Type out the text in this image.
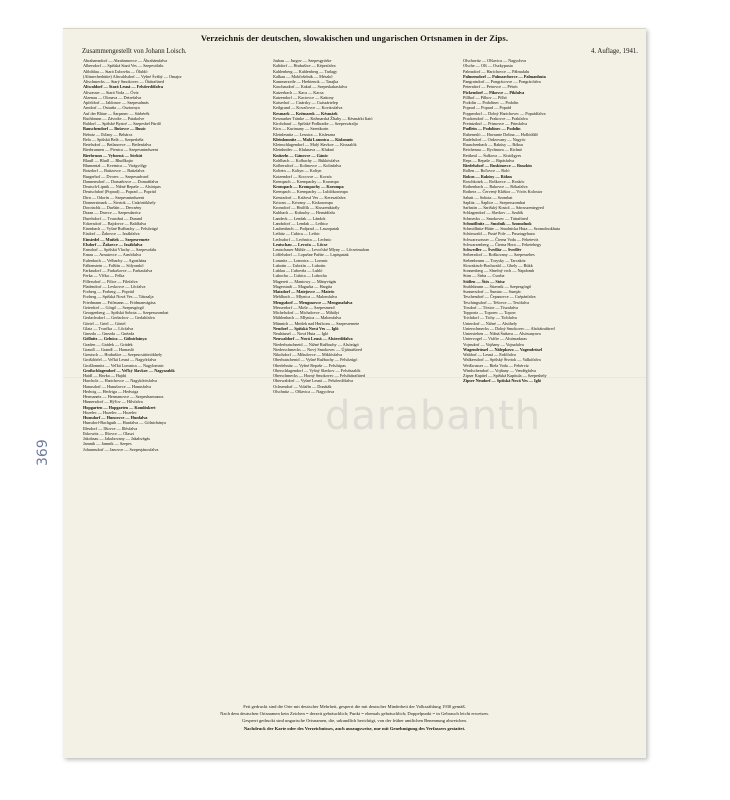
Verzeichnis der deutschen, slowakischen und ungarischen Ortsnamen in der Zips.
Zusammengestellt von Johann Loisch.	4. Auflage, 1941.
Abrahamsdorf — Abrahamovce — Ábrahámfalva
Albersdorf — Spišská Stará Ves — Szepesófalu
Altbiblau — Stará Ľubovňa — Ólubló
(Altmecherhütte) Altwaldsdorf — Vyšné Švábý — Omajor
Altschmecks — Starý Smokovec — Ótátrafüred
Altwaldorf — Stará Lesná — Felsőerdőfalva
Altwasser — Stará Voda — Óvíz
Alzenau — Olcnava — Detrefalva
Apfeldorf — Jablonov — Szepesalmás
Arndorf — Osturňa — Osztornya
Auf der Bläue — Šarpanec — Sárbérék
Bachbrunn — Závodie — Patakolve
Baldorf — Spišské Bystré — Szepesbel Fürdő
Bauschendorf — Bušovce — Busóc
Bebotz — Ihľany — Behárcz
Bela — Spišská Belá — Szepesbéla
Betelsdorf — Betlanovce — Betlenfalva
Bierbrunnen — Pivnica — Szepesmindszent
Bierbrunn — Vyborná — Sörkút
Blaufl — Bludl — Bludlkajto
Blumental — Kvetnica — Virágvölgy
Botzdorf — Batizovce — Batizfalva
Burgerhof — Dvorec — Szepesudvard
Dannensdorf — Domaňovce — Domaňfalva
Deutsch-Lipnik — Nižné Repaše — Alsóripas
Deutschdorf (Poprad) — Poprad — Poprád
Dirn — Odorín — Szepesmindszent
Donnerstmark — Štvrtok — Csütörtökhely
Dorotschk — Durštín — Dercsény
Draan — Dravce — Szepesdarócz
Durelsdorf — Tvarožná — Durand
Eckersdorf — Bajdovce — Baldfalva
Eisenbach — Vyšné Ružbachy — Felsőzúgó
Eisdorf — Žakovce — Izsákfalva
Einsiedel — Mníšek — Szepesremete
Elsdorf — Žakovce — Izsákfalva
Ernsdorf — Spišská Vlachy — Szepesofalu
Ernau — Arnutovce — Arnótfalva
Eulenbach — Velbachy — Agostháza
Falkenstein — Falštín — Sólyomkő
Farkasdorf — Farkašovce — Farkasfalva
Ferka — Vlčka — Felka
Fillersdorf — Filice — Filefalva
Fladendorf — Levkovce — Lőcfalva
Forberg — Forberg — Poprád
Forberg — Spišská Nová Ves — Tátraalja
Friedmann — Fričmann — Frídmanvágása
Geierdorf — Görgő — Szepesgörgő
Georgenberg — Spišská Sobota — Szepesszombat
Gerlachsdorf — Gerlachov — Gerlahfalva
Görtel — Grtel — Görtel
Glatz — Tvarčka — Lőcfalva
Gnezda — Gnezda — Gnézda
Göllnitz — Gelnica — Gölnicbánya
Graden — Grádek — Grádek
Graudl — Grandl — Harnaslö
Greutsch — Hrabušice — Szepescsütörtökhely
Großdörfel — Veľká Lesná — Nagyőrfalva
Großlomnitz — Veľká Lomnica — Nagylomnic
Großschlagendorf — Veľký Slavkov — Nagyszalók
Haidl — Havka — Hajdú
Harcholz — Harichovce — Nagykőrösfalva
Hanusdorf — Hanušovce — Hanusfalva
Hedwig — Hedviga — Hedwiga
Hermanetz — Hermanovce — Szepesharmanos
Hinnersdorf — Hýľov — Hilvfalva
Hopgarten — Hopgarten — Komlóskert
Hozelec — Hozelec — Hozelec
Hunsdorf — Huncovce — Hunfalva
Hunsdorf-Bachguth — Hunfalva — Gölnicbánya
Illesdorf — Ilšovce — Illésfalva
Ilskowitz — Ilšovce — Olaszi
Jakobsau — Jakubovany — Jakabvágás
Jamnik — Jamnik — Szepes
Johannsdorf — Janovce — Szepesjánosfalva
Jurkau — Jurgov — Szepesgyörke
Kaltdorf — Hrabušice — Képesfalva
Kahlenberg — Kahlenberg — Tarlagy
Kalkau — Mokřošelnik — Mészkő
Kammerzeile — Hrebienok — Tarajka
Kaschaudorf — Kakaš — Szepeskakasfalva
Katzerbach — Kaca — Kacsa
Katzendorf — Kaciovce — Kattony
Kaiserhof — Cisársky — Császártelep
Keilgrund — Kovačovce — Kovácsfalva
Kesmark — Kežmarok — Késmárk
Kesmarker Tränke — Kežmarská Žliaby — Késmárki Itató
Kirchdrauf — Spišské Podhradie — Szepesváralja
Kirn — Kurimany — Szentkorin
Kleinlesnitz — Lesnica — Kisleszna
Kleinlomnitz — Malá Lomnica — Kislomnic
Kleinschlagendorf — Malý Slavkov — Kisszalók
Kleinhnilec — Kluknava — Kluknó
Knitzeln — Gánovce — Gánóc
Kohlbach — Kolbachy — Bükkösfalva
Kolbersdorf — Kolinovce — Kolinfalva
Koltein — Koltyn — Koltyn
Kotzendorf — Kocovce — Kocsóc
Krempach — Krempachy — Korompa
Krompach — Krompachy — Korompa
Krempach — Krempachy — Lublókorompa
Kreutzdorf — Križová Ves — Keresztfalva
Kriwan — Krivany — Kiskorompa
Kronsdorf — Hnilčík — Kisszentkirály
Kubbach — Kubachy — Hernádfalu
Landeck — Lendak — Lándok
Landsdorf — Lendak — Leibicz
Laubenbach — Podprad — Laszopatak
Leibitz — Ľubica — Leibic
Lechsdorf — Lechnica — Lechnic
Leutschau — Levoča — Lőcse
Leutschauer Mühle — Levočské Mlyny — Lőcseimalom
Löffelsdorf — Lopušne Pažite — Lapispatak
Lomnitz — Lomnica — Lomnic
Lubotin — Ľubotín — Lubotin
Lublau — Ľubovňa — Lubló
Lubocha — Ľubica — Lubocha
Magereit — Maniowy — Mányvágás
Magerstadt — Magurka — Hargita
Matzdorf — Matejovce — Mateóc
Mehlbach — Mlynica — Malomfalva
Mengsdorf — Mengusovce — Menguszfalva
Messerdorf — Moše — Szepesmező
Michelsdorf — Michalovce — Mihályi
Mühlenbach — Mlynica — Malomfalva
Münnich — Mnišek nad Hnilcom — Szepesremete
Neudorf — Spišská Nová Ves — Igló
Neuhäusel — Nová Huta — Igló
Neuwaldorf — Nová Lesná — Alsóerdőfalva
Niederhutschneid — Nižné Ružbachy — Alsózúgó
Niederschmecks — Nový Smokovec — Újtátrafüred
Nikolsdorf — Mikulovce — Miklósfalva
Oberhutschenid — Vyšné Ružbachy — Felsőzúgó
Oberlehnitz — Vyšné Repaše — Felsőripas
Oberschlagendorf — Vyšný Slavkov — Felsőszalók
Oberschmecks — Horný Smokovec — Felsőtátrafüred
Oberwaldorf — Vyšné Lesná — Felsőerdőfalva
Ochsendorf — Volařín — Donáták
Olschnitz — Olšavica — Nagyolsva
Olschavitz — Olšavica — Nagyolsva
Olsche — Olš — Oszkypusta
Palmsdorf — Harichovce — Pálmafalu
Palmensdorf — Palmarchovce — Palmanhuta
Pangratsdorf — Pongrácovce — Pongrácfalva
Petersdorf — Petrovce — Pétróc
Pickendorf — Pikovce — Pikfalva
Pillhof — Pilhov — Pilhó
Podolin — Podolínec — Podolin
Poprad — Poprad — Poprád
Popperdorf — Dolný Harichovec — Poprádfalva
Prackendorf — Prakovce — Prakfalva
Preintzdorf — Primovce — Primfalva
Pudlein — Podolínec — Podolin
Rabeneslö — Havranie Dolina — Hollódűlő
Radelsdorf — Ordzovany — Nagyóc
Rauschenbach — Rakúsy — Rókus
Reichenau — Rychnava — Richnó
Reitkeal — Šulkova — Kistölgyes
Reps — Repaše — Ripásfalva
Riedelsdorf — Ruskinovce — Ruszkin
Rollen — Roľovce — Roló
Rokus — Rakúsy — Rókus
Roschkotzk — Roškovce — Roskóc
Rothenbach — Rakovce — Rókafalva
Rotherz — Červený Kláštor — Vörös Kolostor
Sabatt — Sobota — Szombat
Saplitz — Šaplice — Szepesszombat
Sarbatin — Šarišský Kostol — Sárosszentegyed
Schlagendorf — Slavkov — Szalók
Schmecks — Smokovec — Tátrafüred
Schmöllnitz — Smolník — Szomolnok
Schmöllnitz-Hütte — Smolnícka Huta — Szomolnokhuta
Schönwald — Pusté Pole — Pusztagyhaza
Schwarzwasser — Čierna Voda — Feketevíz
Schwarzenberg — Čierna Hora — Feketehegy
Schwedler — Švedlár — Svedlér
Seibersdorf — Rožkovany — Szepessebes
Siebenbrunn — Torysky — Tarcaköz
Slowakisch-Buchwald — Gbely — Bükk
Sonnenberg — Slnečný vrch — Napdomb
Stirn — Štrba — Csorba
Stößen — Štós — Stósz
Stuhlsbrunn — Štiavnik — Szepesgörgő
Sunnersdorf — Šumiac — Sumjác
Teschendorf — Čepanovce — Csépánfalva
Teschingsdorf — Tešovce — Tesófalva
Tirsdorf — Tírsice — Tíszafalva
Topportz — Toporec — Toporc
Trichdorf — Tichy — Tichfalva
Unterdorf — Nižné — Alsóhely
Unterschmecks — Dolný Smokovec — Alsótátrafüred
Untersieben — Nižná Šuňava — Alsósunyava
Untervogel — Vtáčie — Alsómadaras
Vojnsdorf — Vojňany — Vojnafalva
Wagendrüssel — Nálepkovo — Vagendrüsel
Waldorf — Lesná — Erdőfalva
Walkersdorf — Spišský Štvrtok — Valkófalva
Weißwasser — Biela Voda — Fehérvíz
Windschendorf — Vojňany — Vendégfalva
Zipser Kapitel — Spišská Kapitula — Szepeshely
Zipser Neudorf — Spišská Nová Ves — Igló
darabanth
369
Fett gedruckt sind die Orte mit deutscher Mehrheit, gesperrt die mit deutscher Minderheit der Volkszählung 1930 gemäß.
Nach dem deutschen Ortsnamen kein Zeichen = derzeit gebräuchlich; Punkt = ehemals gebräuchlich; Doppelpunkt = in Gebrauch leicht erweisen.
Gesperrt gedruckt sind ungarische Ortsnamen, die, urkundlich berichtigt, von der früher amtlichen Benennung abweichen.
Nachdruck der Karte oder des Verzeichnisses, auch auszugsweise, nur mit Genehmigung des Verfassers gestattet.
